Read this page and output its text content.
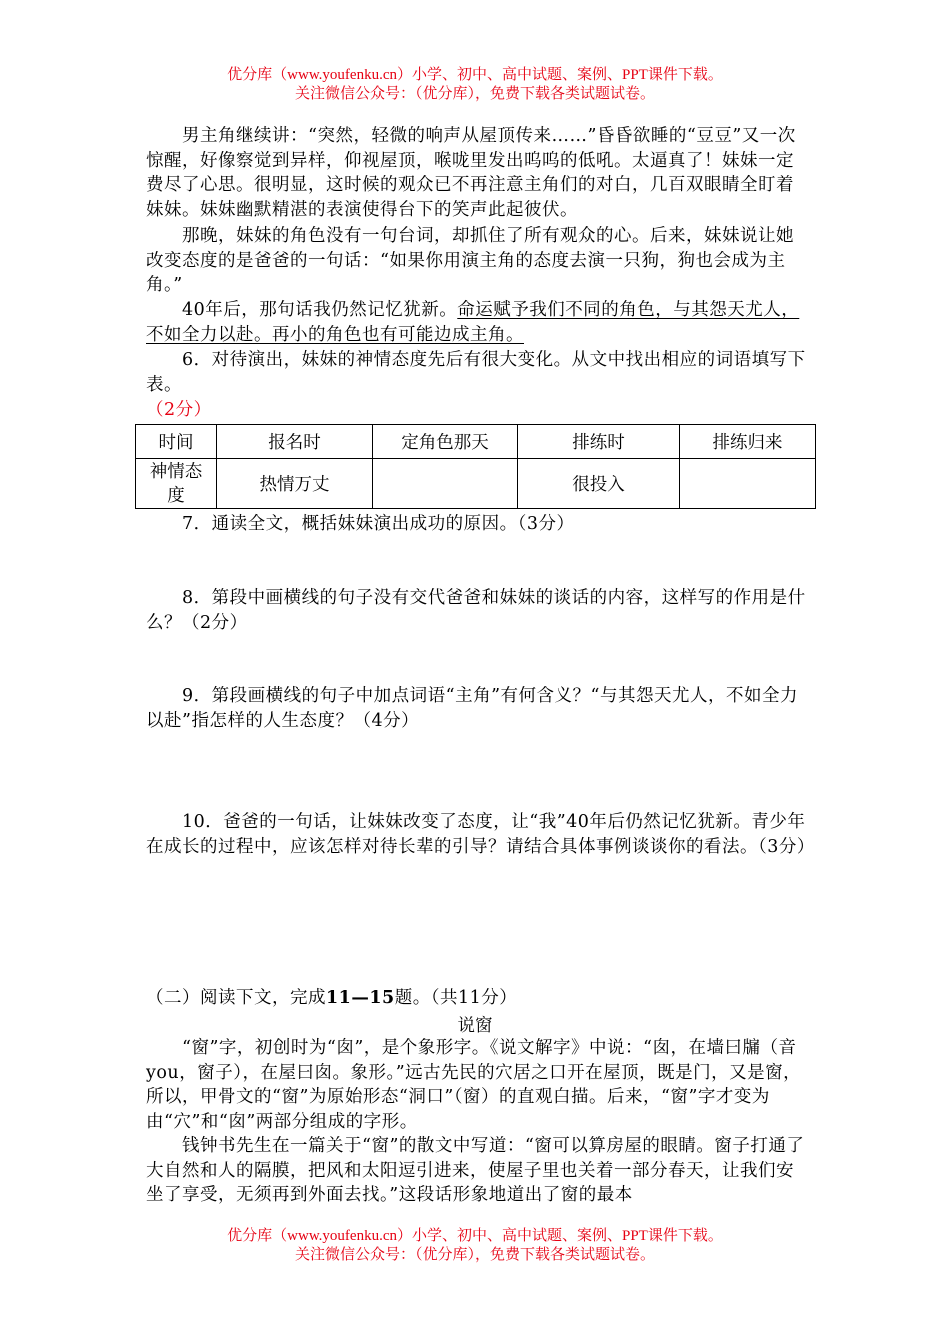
优分库（www.youfenku.cn）小学、初中、高中试题、案例、PPT课件下载。
关注微信公众号：（优分库），免费下载各类试题试卷。

男主角继续讲：“突然，轻微的响声从屋顶传来……”昏昏欲睡的“豆豆”又一次惊醒，好像察觉到异样，仰视屋顶，喉咙里发出呜呜的低吼。太逼真了！妹妹一定费尽了心思。很明显，这时候的观众已不再注意主角们的对白，几百双眼睛全盯着妹妹。妹妹幽默精湛的表演使得台下的笑声此起彼伏。

那晚，妹妹的角色没有一句台词，却抓住了所有观众的心。后来，妹妹说让她改变态度的是爸爸的一句话：“如果你用演主角的态度去演一只狗，狗也会成为主角。”

40年后，那句话我仍然记忆犹新。命运赋予我们不同的角色，与其怨天尤人，不如全力以赴。再小的角色也有可能边成主角。

6．对待演出，妹妹的神情态度先后有很大变化。从文中找出相应的词语填写下表。

（2分）

时间	报名时	定角色那天	排练时	排练归来
神情态度	热情万丈		很投入	

7．通读全文，概括妹妹演出成功的原因。（3分）

8．第段中画横线的句子没有交代爸爸和妹妹的谈话的内容，这样写的作用是什么？（2分）

9．第段画横线的句子中加点词语“主角”有何含义？“与其怨天尤人，不如全力以赴”指怎样的人生态度？（4分）

10．爸爸的一句话，让妹妹改变了态度，让“我”40年后仍然记忆犹新。青少年在成长的过程中，应该怎样对待长辈的引导？请结合具体事例谈谈你的看法。（3分）

（二）阅读下文，完成11—15题。（共11分）

说窗

“窗”字，初创时为“囱”，是个象形字。《说文解字》中说：“囱，在墙曰牖（音you，窗子），在屋曰囱。象形。”远古先民的穴居之口开在屋顶，既是门，又是窗，所以，甲骨文的“窗”为原始形态“洞口”（窗）的直观白描。后来，“窗”字才变为由“穴”和“囱”两部分组成的字形。

钱钟书先生在一篇关于“窗”的散文中写道：“窗可以算房屋的眼睛。窗子打通了大自然和人的隔膜，把风和太阳逗引进来，使屋子里也关着一部分春天，让我们安坐了享受，无须再到外面去找。”这段话形象地道出了窗的最本

优分库（www.youfenku.cn）小学、初中、高中试题、案例、PPT课件下载。
关注微信公众号：（优分库），免费下载各类试题试卷。
